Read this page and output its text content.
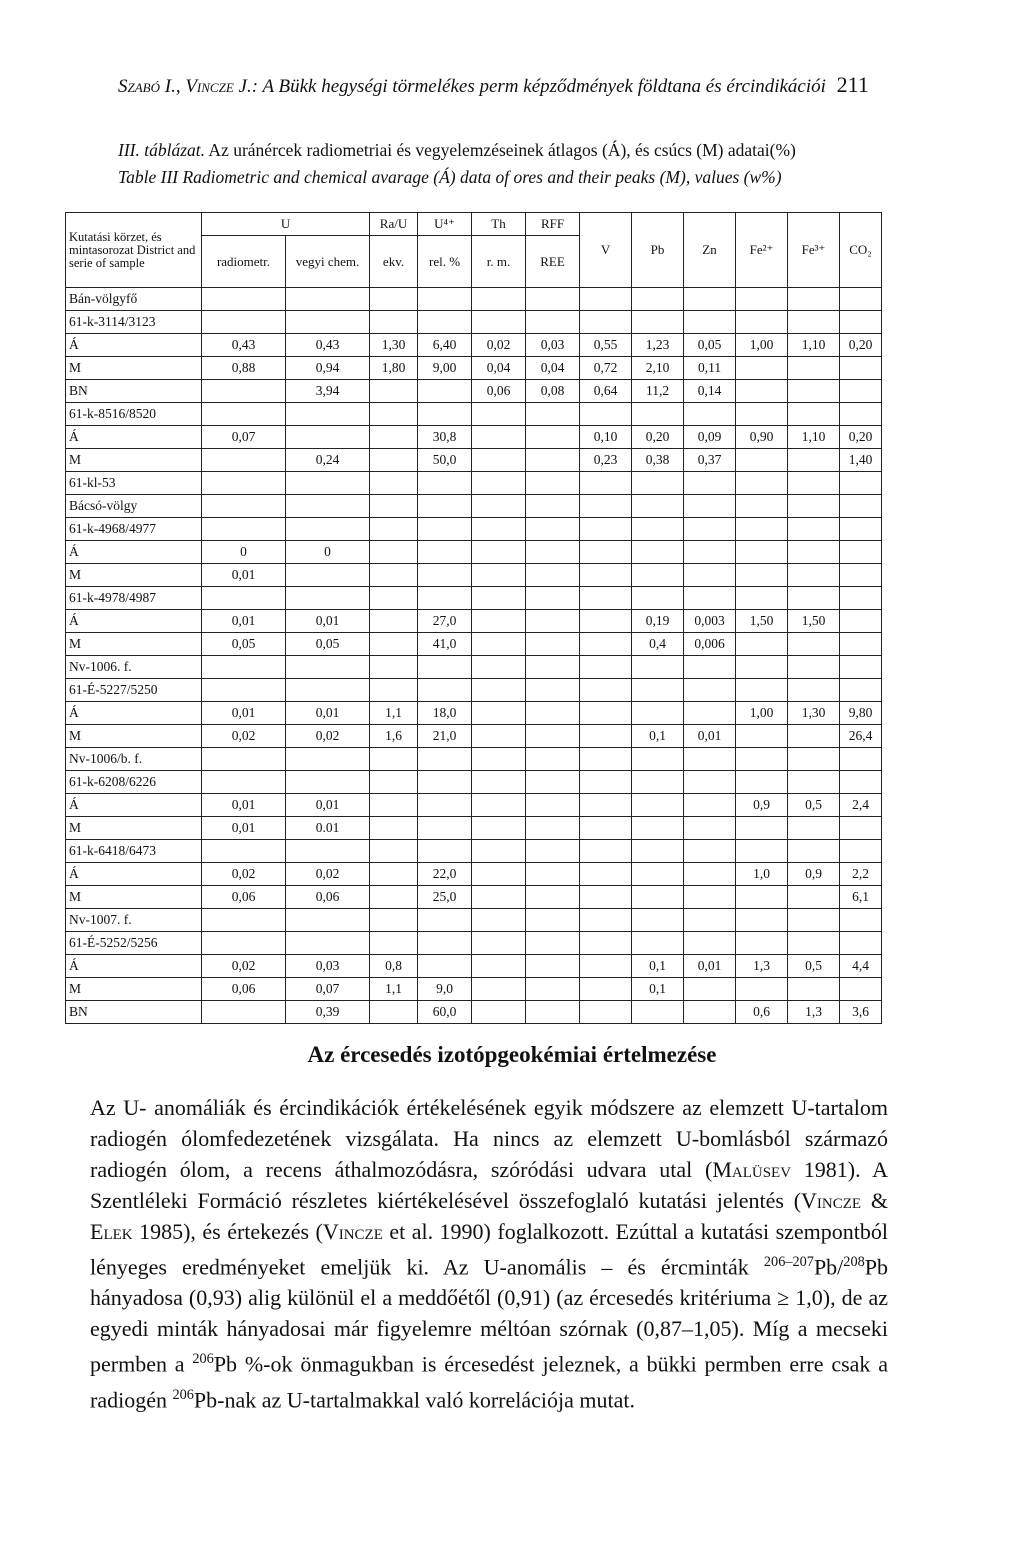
Szabó I., Vincze J.: A Bükk hegységi törmelékes perm képződmények földtana és ércindikációi 211
III. táblázat. Az uránércek radiometriai és vegyelemzéseinek átlagos (Á), és csúcs (M) adatai(%)
Table III Radiometric and chemical avarage (Á) data of ores and their peaks (M), values (w%)
Kutatási körzet, és mintasorozat District and serie of sample	U		Ra/U	U⁴⁺	Th	RFF	V	Pb	Zn	Fe²⁺	Fe³⁺	CO₂
	radiometr.	vegyi chem.	ekv.	rel. %	r. m.	REE						
Bán-völgyfő												
61-k-3114/3123												
Á	0,43	0,43	1,30	6,40	0,02	0,03	0,55	1,23	0,05	1,00	1,10	0,20
M	0,88	0,94	1,80	9,00	0,04	0,04	0,72	2,10	0,11			
BN		3,94			0,06	0,08	0,64	11,2	0,14			
61-k-8516/8520												
Á	0,07			30,8			0,10	0,20	0,09	0,90	1,10	0,20
M		0,24		50,0			0,23	0,38	0,37			1,40
61-kl-53												
Bácsó-völgy												
61-k-4968/4977												
Á	0	0										
M	0,01											
61-k-4978/4987												
Á	0,01	0,01		27,0				0,19	0,003	1,50	1,50	
M	0,05	0,05		41,0				0,4	0,006			
Nv-1006. f.												
61-É-5227/5250												
Á	0,01	0,01	1,1	18,0						1,00	1,30	9,80
M	0,02	0,02	1,6	21,0				0,1	0,01			26,4
Nv-1006/b. f.												
61-k-6208/6226												
Á	0,01	0,01								0,9	0,5	2,4
M	0,01	0.01										
61-k-6418/6473												
Á	0,02	0,02		22,0						1,0	0,9	2,2
M	0,06	0,06		25,0								6,1
Nv-1007. f.												
61-É-5252/5256												
Á	0,02	0,03	0,8					0,1	0,01	1,3	0,5	4,4
M	0,06	0,07	1,1	9,0				0,1				
BN		0,39		60,0						0,6	1,3	3,6
Az ércesedés izotópgeokémiai értelmezése
Az U- anomáliák és ércindikációk értékelésének egyik módszere az elemzett U-tartalom radiogén ólomfedezetének vizsgálata. Ha nincs az elemzett U-bomlásból származó radiogén ólom, a recens áthalmozódásra, szóródási udvara utal (Malüsev 1981). A Szentléleki Formáció részletes kiértékelésével összefoglaló kutatási jelentés (Vincze & Elek 1985), és értekezés (Vincze et al. 1990) foglalkozott. Ezúttal a kutatási szempontból lényeges eredményeket emeljük ki. Az U-anomális – és ércminták $^{206-207}$Pb/$^{208}$Pb hányadosa (0,93) alig különül el a meddőétől (0,91) (az ércesedés kritériuma ≥ 1,0), de az egyedi minták hányadosai már figyelemre méltóan szórnak (0,87–1,05). Míg a mecseki permben a $^{206}$Pb %-ok önmagukban is ércesedést jeleznek, a bükki permben erre csak a radiogén $^{206}$Pb-nak az U-tartalmakkal való korrelációja mutat.
